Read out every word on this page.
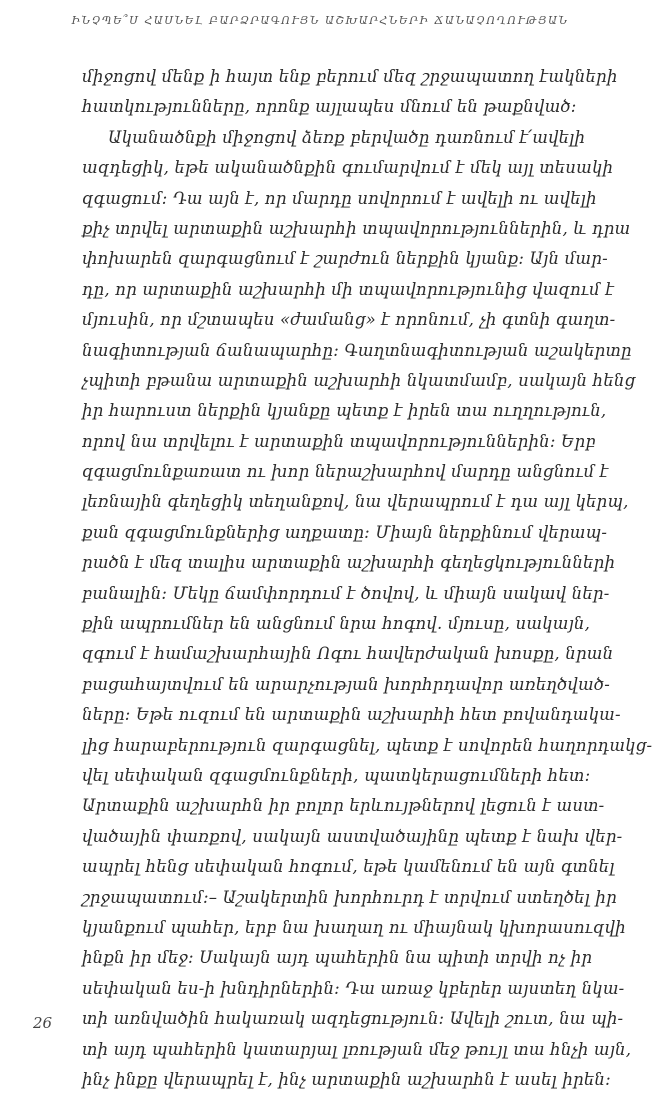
ԻՆՉՊԵ՞Ս ՀԱՍՆԵԼ ԲԱՐՁՐԱԳՈՒՅՆ ԱՇԽԱՐՀՆԵՐԻ ՃԱՆԱՉՈՂՈՒԹՅԱՆ
միջոցով մենք ի հայտ ենք բերում մեզ շրջապատող էակների
հատկությունները, որոնք այլապես մնում են թաքնված:
Ականածնքի միջոցով ձեռք բերվածը դառնում է՛ավելի
ազդեցիկ, եթե ականածնքին գումարվում է մեկ այլ տեսակի
զգացում: Դա այն է, որ մարդը սովորում է ավելի ու ավելի
քիչ տրվել արտաքին աշխարհի տպավորություններին, և դրա
փոխարեն զարգացնում է շարժուն ներքին կյանք: Այն մար-
դը, որ արտաքին աշխարհի մի տպավորությունից վազում է
մյուսին, որ մշտապես «ժամանց» է որոնում, չի գտնի գաղտ-
նագիտության ճանապարհը: Գաղտնագիտության աշակերտը
չպիտի բթանա արտաքին աշխարհի նկատմամբ, սակայն հենց
իր հարուստ ներքին կյանքը պետք է իրեն տա ուղղություն,
որով նա տրվելու է արտաքին տպավորություններին: Երբ
զգացմունքառատ ու խոր ներաշխարհով մարդը անցնում է
լեռնային գեղեցիկ տեղանքով, նա վերապրում է դա այլ կերպ,
քան զգացմունքներից աղքատը: Միայն ներքինում վերապ-
րածն է մեզ տալիս արտաքին աշխարհի գեղեցկությունների
բանալին: Մեկը ճամփորդում է ծովով, և միայն սակավ ներ-
քին ապրումներ են անցնում նրա հոգով. մյուսը, սակայն,
զգում է համաշխարհային Ոգու հավերժական խոսքը, նրան
բացահայտվում են արարչության խորհրդավոր առեղծված-
ները: Եթե ուզում են արտաքին աշխարհի հետ բովանդակա-
լից հարաբերություն զարգացնել, պետք է սովորեն հաղորդակց-
վել սեփական զգացմունքների, պատկերացումների հետ:
Արտաքին աշխարհն իր բոլոր երևույթներով լեցուն է աստ-
վածային փառքով, սակայն աստվածայինը պետք է նախ վեր-
ապրել հենց սեփական հոգում, եթե կամենում են այն գտնել
շրջապատում:– Աշակերտին խորհուրդ է տրվում ստեղծել իր
կյանքում պահեր, երբ նա խաղաղ ու միայնակ կխորասուզվի
ինքն իր մեջ: Սակայն այդ պահերին նա պիտի տրվի ոչ իր
սեփական ես-ի խնդիրներին: Դա առաջ կբերեր այստեղ նկա-
տի առնվածին հակառակ ազդեցություն: Ավելի շուտ, նա պի-
տի այդ պահերին կատարյալ լռության մեջ թույլ տա հնչի այն,
ինչ ինքը վերապրել է, ինչ արտաքին աշխարհն է ասել իրեն:
26
